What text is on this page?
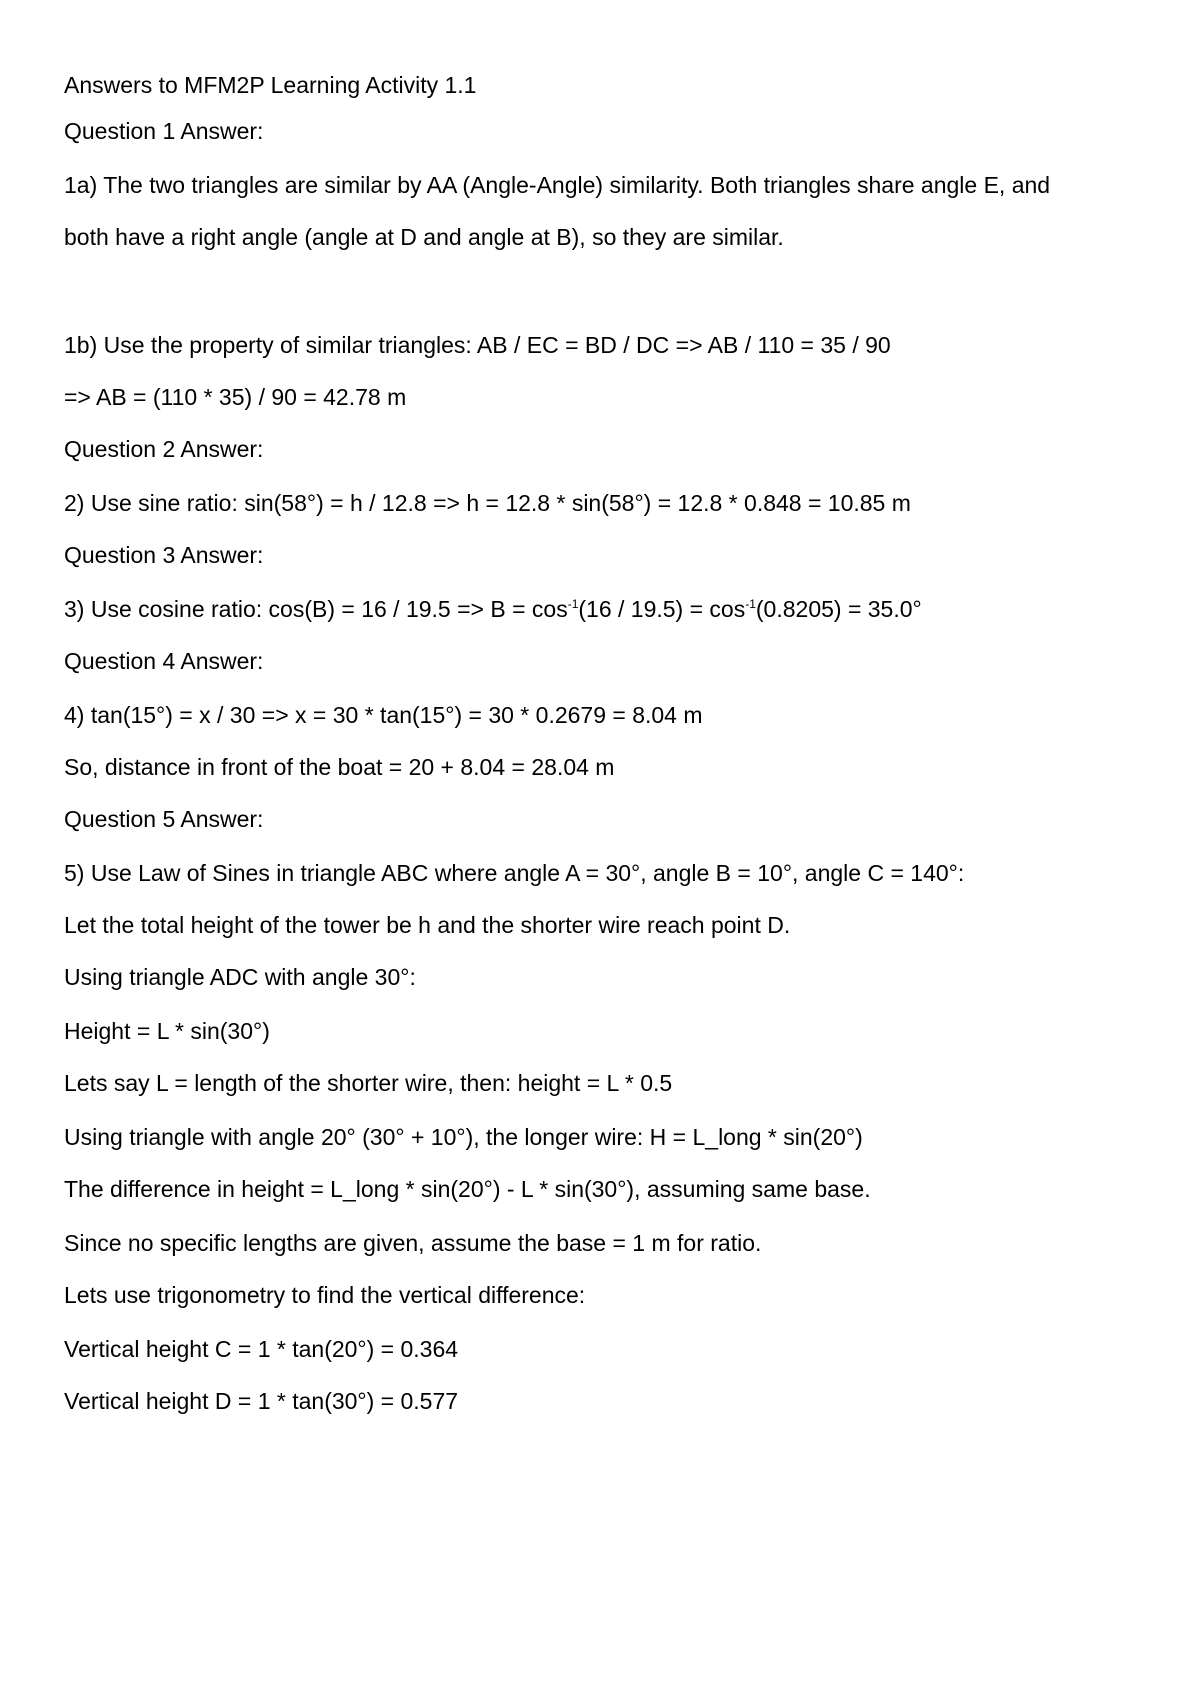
Answers to MFM2P Learning Activity 1.1

Question 1 Answer:

1a) The two triangles are similar by AA (Angle-Angle) similarity. Both triangles share angle E, and

both have a right angle (angle at D and angle at B), so they are similar.

1b) Use the property of similar triangles: AB / EC = BD / DC => AB / 110 = 35 / 90

=> AB = (110 * 35) / 90 = 42.78 m

Question 2 Answer:

2) Use sine ratio: sin(58°) = h / 12.8 => h = 12.8 * sin(58°) = 12.8 * 0.848 = 10.85 m

Question 3 Answer:

3) Use cosine ratio: $\cos(B) = 16 / 19.5 => B = \cos^{-1}(16 / 19.5) = \cos^{-1}(0.8205) = 35.0^\circ$

Question 4 Answer:

4) tan(15°) = x / 30 => x = 30 * tan(15°) = 30 * 0.2679 = 8.04 m

So, distance in front of the boat = 20 + 8.04 = 28.04 m

Question 5 Answer:

5) Use Law of Sines in triangle ABC where angle A = 30°, angle B = 10°, angle C = 140°:

Let the total height of the tower be h and the shorter wire reach point D.

Using triangle ADC with angle 30°:

Height = L * sin(30°)

Lets say L = length of the shorter wire, then: height = L * 0.5

Using triangle with angle 20° (30° + 10°), the longer wire: H = L_long * sin(20°)

The difference in height = L_long * sin(20°) - L * sin(30°), assuming same base.

Since no specific lengths are given, assume the base = 1 m for ratio.

Lets use trigonometry to find the vertical difference:

Vertical height C = 1 * tan(20°) = 0.364

Vertical height D = 1 * tan(30°) = 0.577
